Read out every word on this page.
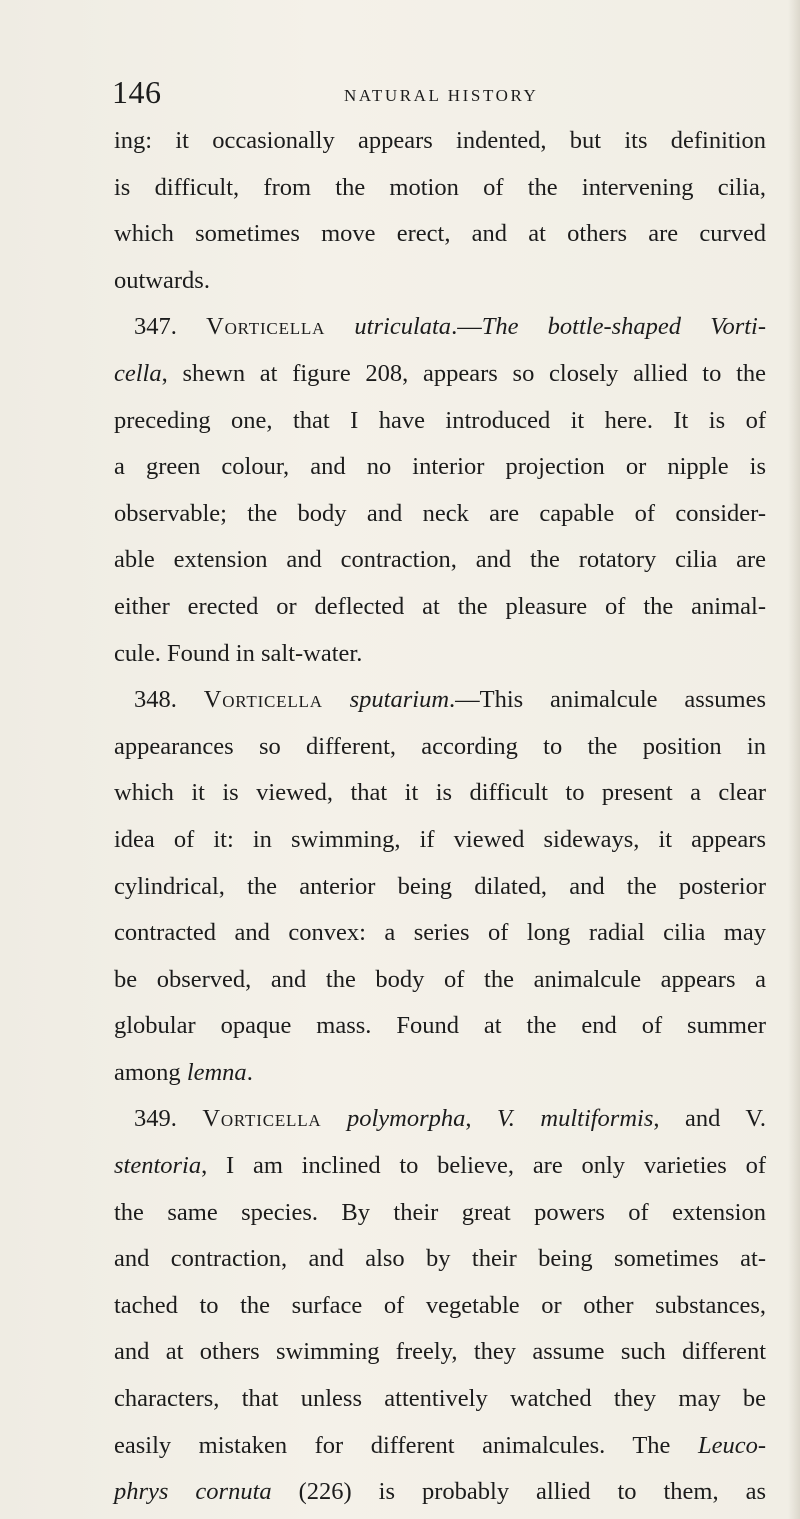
146	NATURAL HISTORY
ing: it occasionally appears indented, but its definition
is difficult, from the motion of the intervening cilia,
which sometimes move erect, and at others are curved
outwards.
347. Vorticella utriculata.—The bottle-shaped Vorti-
cella, shewn at figure 208, appears so closely allied to the
preceding one, that I have introduced it here. It is of
a green colour, and no interior projection or nipple is
observable; the body and neck are capable of consider-
able extension and contraction, and the rotatory cilia are
either erected or deflected at the pleasure of the animal-
cule. Found in salt-water.
348. Vorticella sputarium.—This animalcule assumes
appearances so different, according to the position in
which it is viewed, that it is difficult to present a clear
idea of it: in swimming, if viewed sideways, it appears
cylindrical, the anterior being dilated, and the posterior
contracted and convex: a series of long radial cilia may
be observed, and the body of the animalcule appears a
globular opaque mass. Found at the end of summer
among lemna.
349. Vorticella polymorpha, V. multiformis, and V.
stentoria, I am inclined to believe, are only varieties of
the same species. By their great powers of extension
and contraction, and also by their being sometimes at-
tached to the surface of vegetable or other substances,
and at others swimming freely, they assume such different
characters, that unless attentively watched they may be
easily mistaken for different animalcules. The Leuco-
phrys cornuta (226) is probably allied to them, as
